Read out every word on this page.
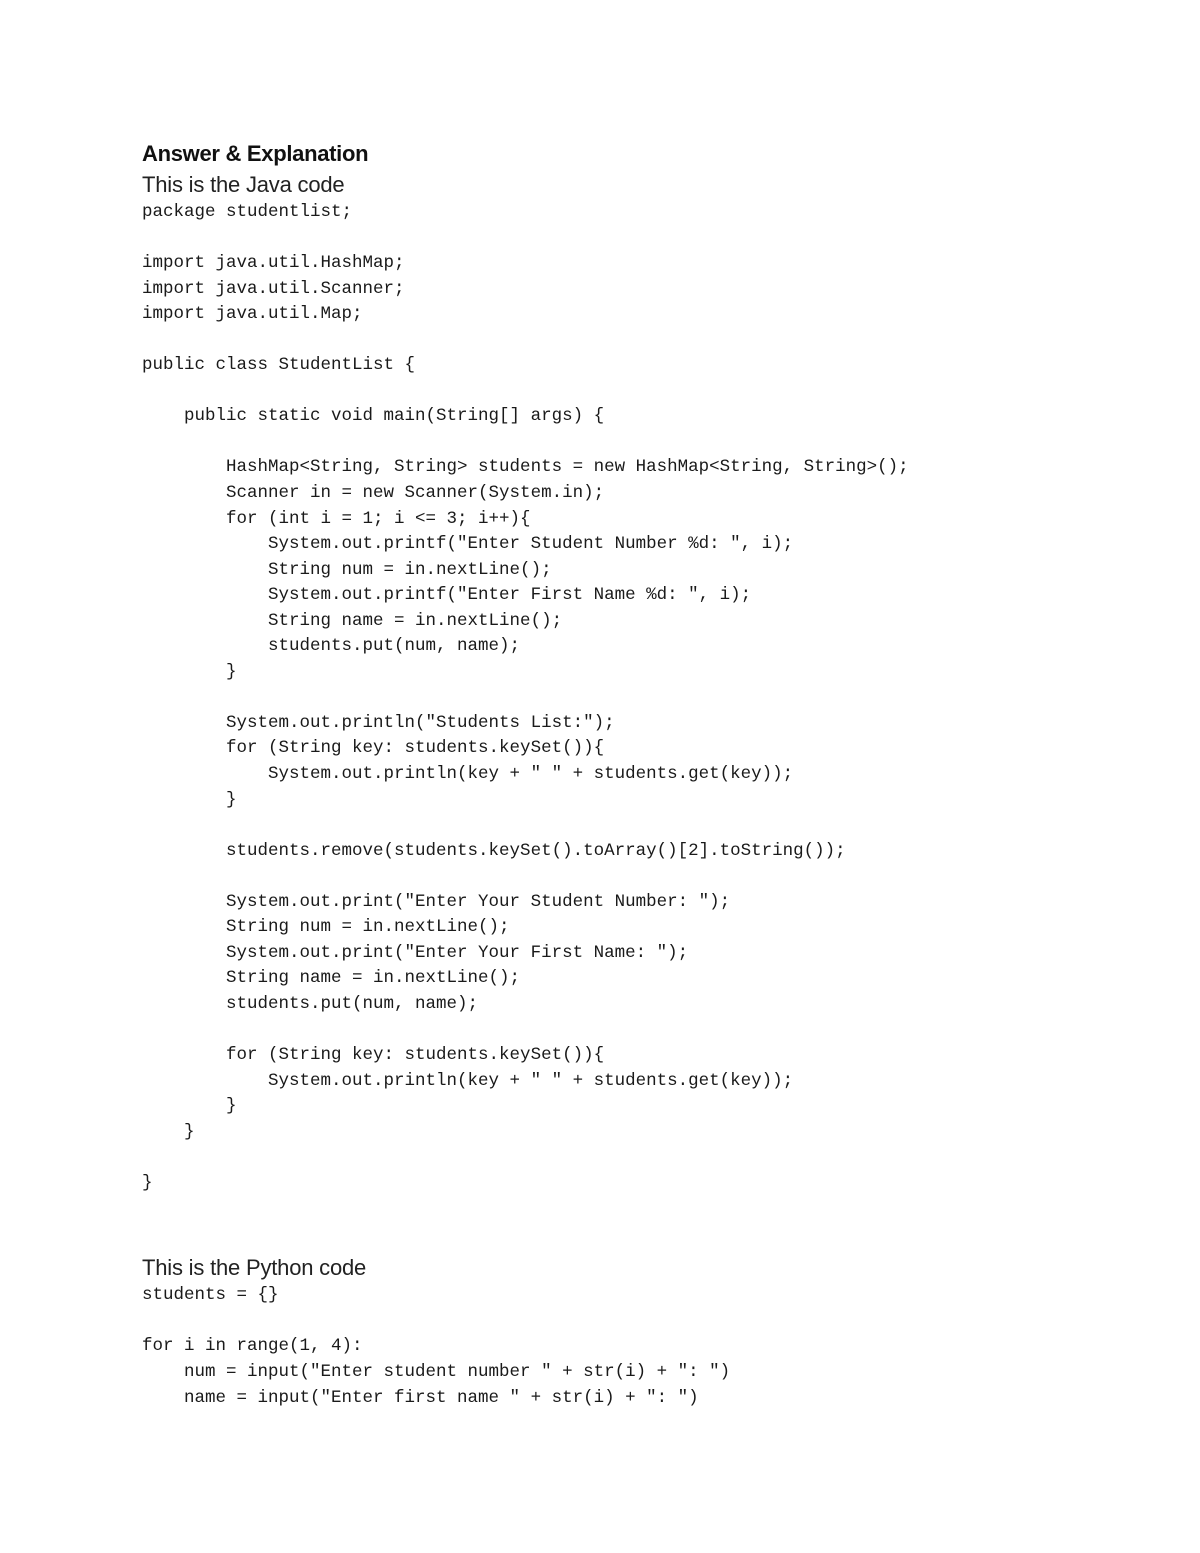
Answer & Explanation

This is the Java code

package studentlist;
import java.util.HashMap;
import java.util.Scanner;
import java.util.Map;
public class StudentList {
public static void main(String[] args) {
HashMap<String, String> students = new HashMap<String, String>();
Scanner in = new Scanner(System.in);
for (int i = 1; i <= 3; i++){
System.out.printf("Enter Student Number %d: ", i);
String num = in.nextLine();
System.out.printf("Enter First Name %d: ", i);
String name = in.nextLine();
students.put(num, name);
}
System.out.println("Students List:");
for (String key: students.keySet()){
System.out.println(key + " " + students.get(key));
}
students.remove(students.keySet().toArray()[2].toString());
System.out.print("Enter Your Student Number: ");
String num = in.nextLine();
System.out.print("Enter Your First Name: ");
String name = in.nextLine();
students.put(num, name);
for (String key: students.keySet()){
System.out.println(key + " " + students.get(key));
}
}
}

This is the Python code

students = {}
for i in range(1, 4):
num = input("Enter student number " + str(i) + ": ")
name = input("Enter first name " + str(i) + ": ")
